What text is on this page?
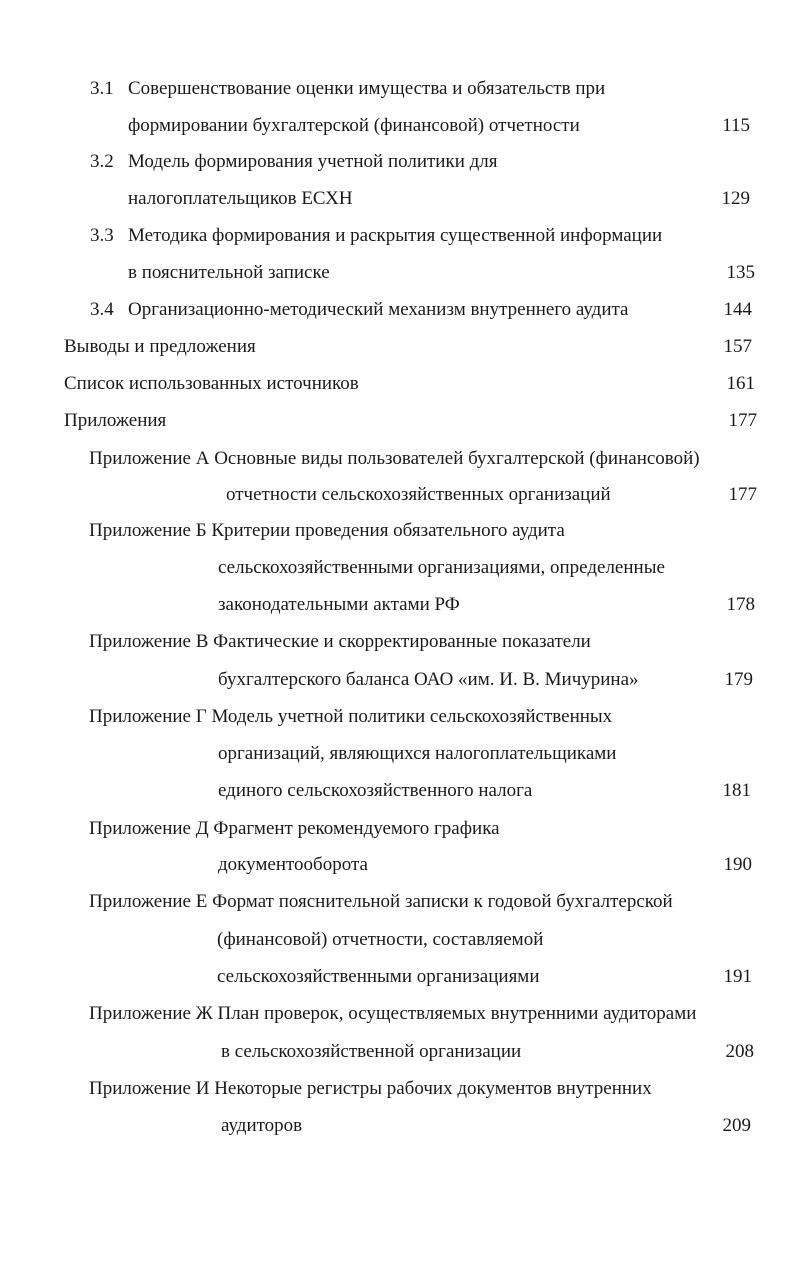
3.1 Совершенствование оценки имущества и обязательств при
формировании бухгалтерской (финансовой) отчетности	115
3.2 Модель формирования учетной политики для
налогоплательщиков ЕСХН	129
3.3 Методика формирования и раскрытия существенной информации
в пояснительной записке	135
3.4 Организационно-методический механизм внутреннего аудита	144
Выводы и предложения	157
Список использованных источников	161
Приложения	177
Приложение А Основные виды пользователей бухгалтерской (финансовой)
отчетности сельскохозяйственных организаций	177
Приложение Б Критерии проведения обязательного аудита
сельскохозяйственными организациями, определенные
законодательными актами РФ	178
Приложение В Фактические и скорректированные показатели
бухгалтерского баланса ОАО «им. И. В. Мичурина»	179
Приложение Г Модель учетной политики сельскохозяйственных
организаций, являющихся налогоплательщиками
единого сельскохозяйственного налога	181
Приложение Д Фрагмент рекомендуемого графика
документооборота	190
Приложение Е Формат пояснительной записки к годовой бухгалтерской
(финансовой) отчетности, составляемой
сельскохозяйственными организациями	191
Приложение Ж План проверок, осуществляемых внутренними аудиторами
в сельскохозяйственной организации	208
Приложение И Некоторые регистры рабочих документов внутренних
аудиторов	209
